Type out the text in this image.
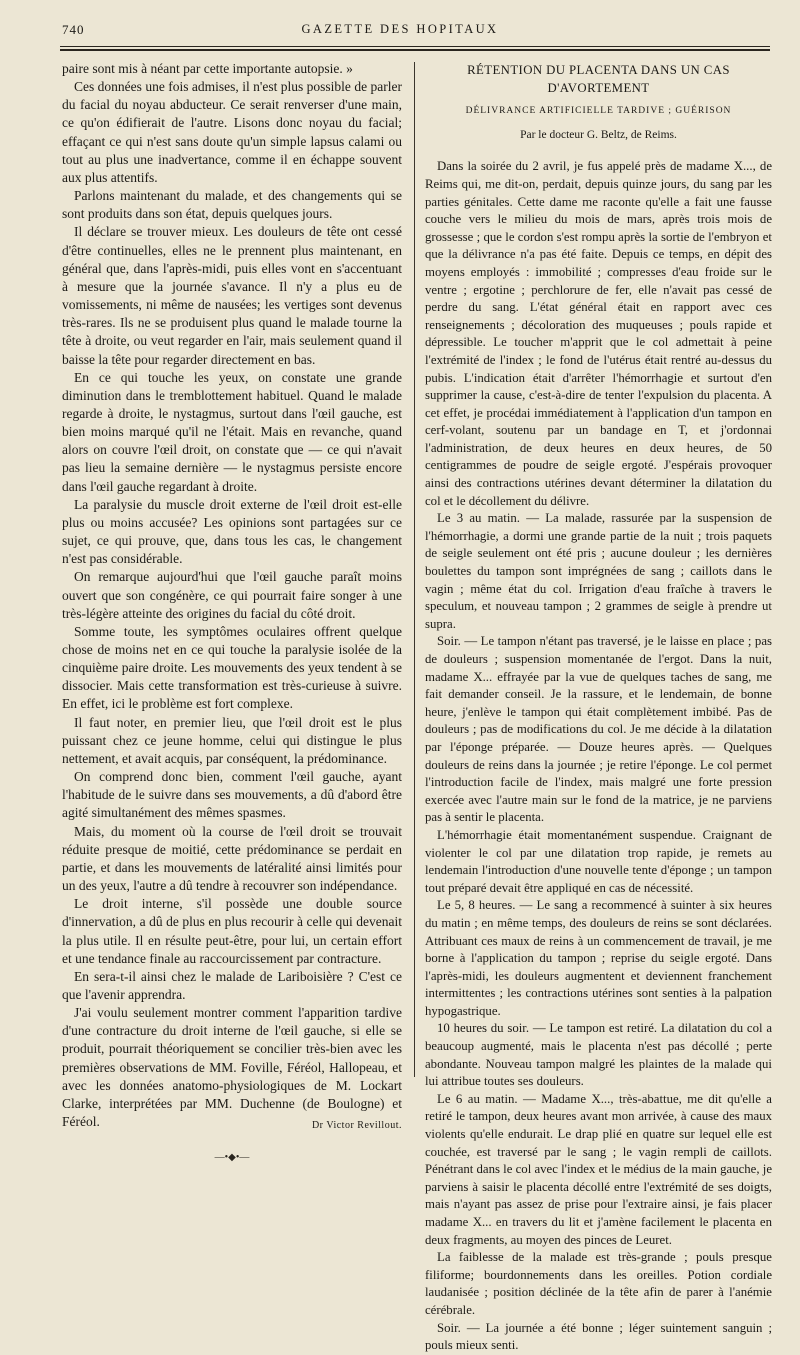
740	GAZETTE DES HOPITAUX

paire sont mis à néant par cette importante autopsie. »

Ces données une fois admises, il n'est plus possible de parler du facial du noyau abducteur. Ce serait renverser d'une main, ce qu'on édifierait de l'autre. Lisons donc noyau du facial; effaçant ce qui n'est sans doute qu'un simple lapsus calami ou tout au plus une inadvertance, comme il en échappe souvent aux plus attentifs.

Parlons maintenant du malade, et des changements qui se sont produits dans son état, depuis quelques jours.

Il déclare se trouver mieux. Les douleurs de tête ont cessé d'être continuelles, elles ne le prennent plus maintenant, en général que, dans l'après-midi, puis elles vont en s'accentuant à mesure que la journée s'avance. Il n'y a plus eu de vomissements, ni même de nausées; les vertiges sont devenus très-rares. Ils ne se produisent plus quand le malade tourne la tête à droite, ou veut regarder en l'air, mais seulement quand il baisse la tête pour regarder directement en bas.

En ce qui touche les yeux, on constate une grande diminution dans le tremblottement habituel. Quand le malade regarde à droite, le nystagmus, surtout dans l'œil gauche, est bien moins marqué qu'il ne l'était. Mais en revanche, quand alors on couvre l'œil droit, on constate que — ce qui n'avait pas lieu la semaine dernière — le nystagmus persiste encore dans l'œil gauche regardant à droite.

La paralysie du muscle droit externe de l'œil droit est-elle plus ou moins accusée? Les opinions sont partagées sur ce sujet, ce qui prouve, que, dans tous les cas, le changement n'est pas considérable.

On remarque aujourd'hui que l'œil gauche paraît moins ouvert que son congénère, ce qui pourrait faire songer à une très-légère atteinte des origines du facial du côté droit.

Somme toute, les symptômes oculaires offrent quelque chose de moins net en ce qui touche la paralysie isolée de la cinquième paire droite. Les mouvements des yeux tendent à se dissocier. Mais cette transformation est très-curieuse à suivre. En effet, ici le problème est fort complexe.

Il faut noter, en premier lieu, que l'œil droit est le plus puissant chez ce jeune homme, celui qui distingue le plus nettement, et avait acquis, par conséquent, la prédominance.

On comprend donc bien, comment l'œil gauche, ayant l'habitude de le suivre dans ses mouvements, a dû d'abord être agité simultanément des mêmes spasmes.

Mais, du moment où la course de l'œil droit se trouvait réduite presque de moitié, cette prédominance se perdait en partie, et dans les mouvements de latéralité ainsi limités pour un des yeux, l'autre a dû tendre à recouvrer son indépendance.

Le droit interne, s'il possède une double source d'innervation, a dû de plus en plus recourir à celle qui devenait la plus utile. Il en résulte peut-être, pour lui, un certain effort et une tendance finale au raccourcissement par contracture.

En sera-t-il ainsi chez le malade de Lariboisière ? C'est ce que l'avenir apprendra.

J'ai voulu seulement montrer comment l'apparition tardive d'une contracture du droit interne de l'œil gauche, si elle se produit, pourrait théoriquement se concilier très-bien avec les premières observations de MM. Foville, Féréol, Hallopeau, et avec les données anatomo-physiologiques de M. Lockart Clarke, interprétées par MM. Duchenne (de Boulogne) et Féréol.	Dr Victor Revillout.
—•◆•—
RÉTENTION DU PLACENTA DANS UN CAS D'AVORTEMENT
DÉLIVRANCE ARTIFICIELLE TARDIVE ; GUÉRISON
Par le docteur G. Beltz, de Reims.

Dans la soirée du 2 avril, je fus appelé près de madame X..., de Reims qui, me dit-on, perdait, depuis quinze jours, du sang par les parties génitales. Cette dame me raconte qu'elle a fait une fausse couche vers le milieu du mois de mars, après trois mois de grossesse ; que le cordon s'est rompu après la sortie de l'embryon et que la délivrance n'a pas été faite. Depuis ce temps, en dépit des moyens employés : immobilité ; compresses d'eau froide sur le ventre ; ergotine ; perchlorure de fer, elle n'avait pas cessé de perdre du sang. L'état général était en rapport avec ces renseignements ; décoloration des muqueuses ; pouls rapide et dépressible. Le toucher m'apprit que le col admettait à peine l'extrémité de l'index ; le fond de l'utérus était rentré au-dessus du pubis. L'indication était d'arrêter l'hémorrhagie et surtout d'en supprimer la cause, c'est-à-dire de tenter l'expulsion du placenta. A cet effet, je procédai immédiatement à l'application d'un tampon en cerf-volant, soutenu par un bandage en T, et j'ordonnai l'administration, de deux heures en deux heures, de 50 centigrammes de poudre de seigle ergoté. J'espérais provoquer ainsi des contractions utérines devant déterminer la dilatation du col et le décollement du délivre.

Le 3 au matin. — La malade, rassurée par la suspension de l'hémorrhagie, a dormi une grande partie de la nuit ; trois paquets de seigle seulement ont été pris ; aucune douleur ; les dernières boulettes du tampon sont imprégnées de sang ; caillots dans le vagin ; même état du col. Irrigation d'eau fraîche à travers le speculum, et nouveau tampon ; 2 grammes de seigle à prendre ut supra.

Soir. — Le tampon n'étant pas traversé, je le laisse en place ; pas de douleurs ; suspension momentanée de l'ergot. Dans la nuit, madame X... effrayée par la vue de quelques taches de sang, me fait demander conseil. Je la rassure, et le lendemain, de bonne heure, j'enlève le tampon qui était complètement imbibé. Pas de douleurs ; pas de modifications du col. Je me décide à la dilatation par l'éponge préparée. — Douze heures après. — Quelques douleurs de reins dans la journée ; je retire l'éponge. Le col permet l'introduction facile de l'index, mais malgré une forte pression exercée avec l'autre main sur le fond de la matrice, je ne parviens pas à sentir le placenta.

L'hémorrhagie était momentanément suspendue. Craignant de violenter le col par une dilatation trop rapide, je remets au lendemain l'introduction d'une nouvelle tente d'éponge ; un tampon tout préparé devait être appliqué en cas de nécessité.

Le 5, 8 heures. — Le sang a recommencé à suinter à six heures du matin ; en même temps, des douleurs de reins se sont déclarées. Attribuant ces maux de reins à un commencement de travail, je me borne à l'application du tampon ; reprise du seigle ergoté. Dans l'après-midi, les douleurs augmentent et deviennent franchement intermittentes ; les contractions utérines sont senties à la palpation hypogastrique.

10 heures du soir. — Le tampon est retiré. La dilatation du col a beaucoup augmenté, mais le placenta n'est pas décollé ; perte abondante. Nouveau tampon malgré les plaintes de la malade qui lui attribue toutes ses douleurs.

Le 6 au matin. — Madame X..., très-abattue, me dit qu'elle a retiré le tampon, deux heures avant mon arrivée, à cause des maux violents qu'elle endurait. Le drap plié en quatre sur lequel elle est couchée, est traversé par le sang ; le vagin rempli de caillots. Pénétrant dans le col avec l'index et le médius de la main gauche, je parviens à saisir le placenta décollé entre l'extrémité de ses doigts, mais n'ayant pas assez de prise pour l'extraire ainsi, je fais placer madame X... en travers du lit et j'amène facilement le placenta en deux fragments, au moyen des pinces de Leuret.

La faiblesse de la malade est très-grande ; pouls presque filiforme; bourdonnements dans les oreilles. Potion cordiale laudanisée ; position déclinée de la tête afin de parer à l'anémie cérébrale.

Soir. — La journée a été bonne ; léger suintement sanguin ; pouls mieux senti.
